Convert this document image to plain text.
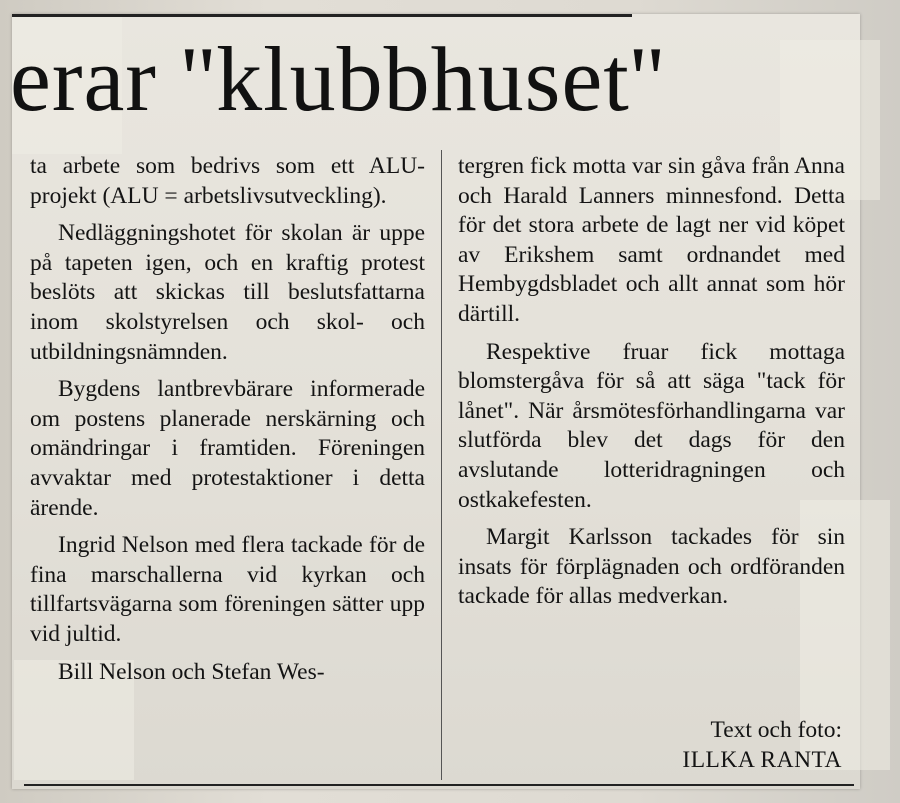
erar ''klubbhuset''

ta arbete som bedrivs som ett ALU-projekt (ALU = arbetslivsutveckling).

Nedläggningshotet för skolan är uppe på tapeten igen, och en kraftig protest beslöts att skickas till beslutsfattarna inom skolstyrelsen och skol- och utbildningsnämnden.

Bygdens lantbrevbärare informerade om postens planerade nerskärning och omändringar i framtiden. Föreningen avvaktar med protestaktioner i detta ärende.

Ingrid Nelson med flera tackade för de fina marschallerna vid kyrkan och tillfartsvägarna som föreningen sätter upp vid jultid.

Bill Nelson och Stefan Wes-

tergren fick motta var sin gåva från Anna och Harald Lanners minnesfond. Detta för det stora arbete de lagt ner vid köpet av Erikshem samt ordnandet med Hembygdsbladet och allt annat som hör därtill.

Respektive fruar fick mottaga blomstergåva för så att säga "tack för lånet". När årsmötesförhandlingarna var slutförda blev det dags för den avslutande lotteridragningen och ostkakefesten.

Margit Karlsson tackades för sin insats för förplägnaden och ordföranden tackade för allas medverkan.

Text och foto:
ILLKA RANTA
